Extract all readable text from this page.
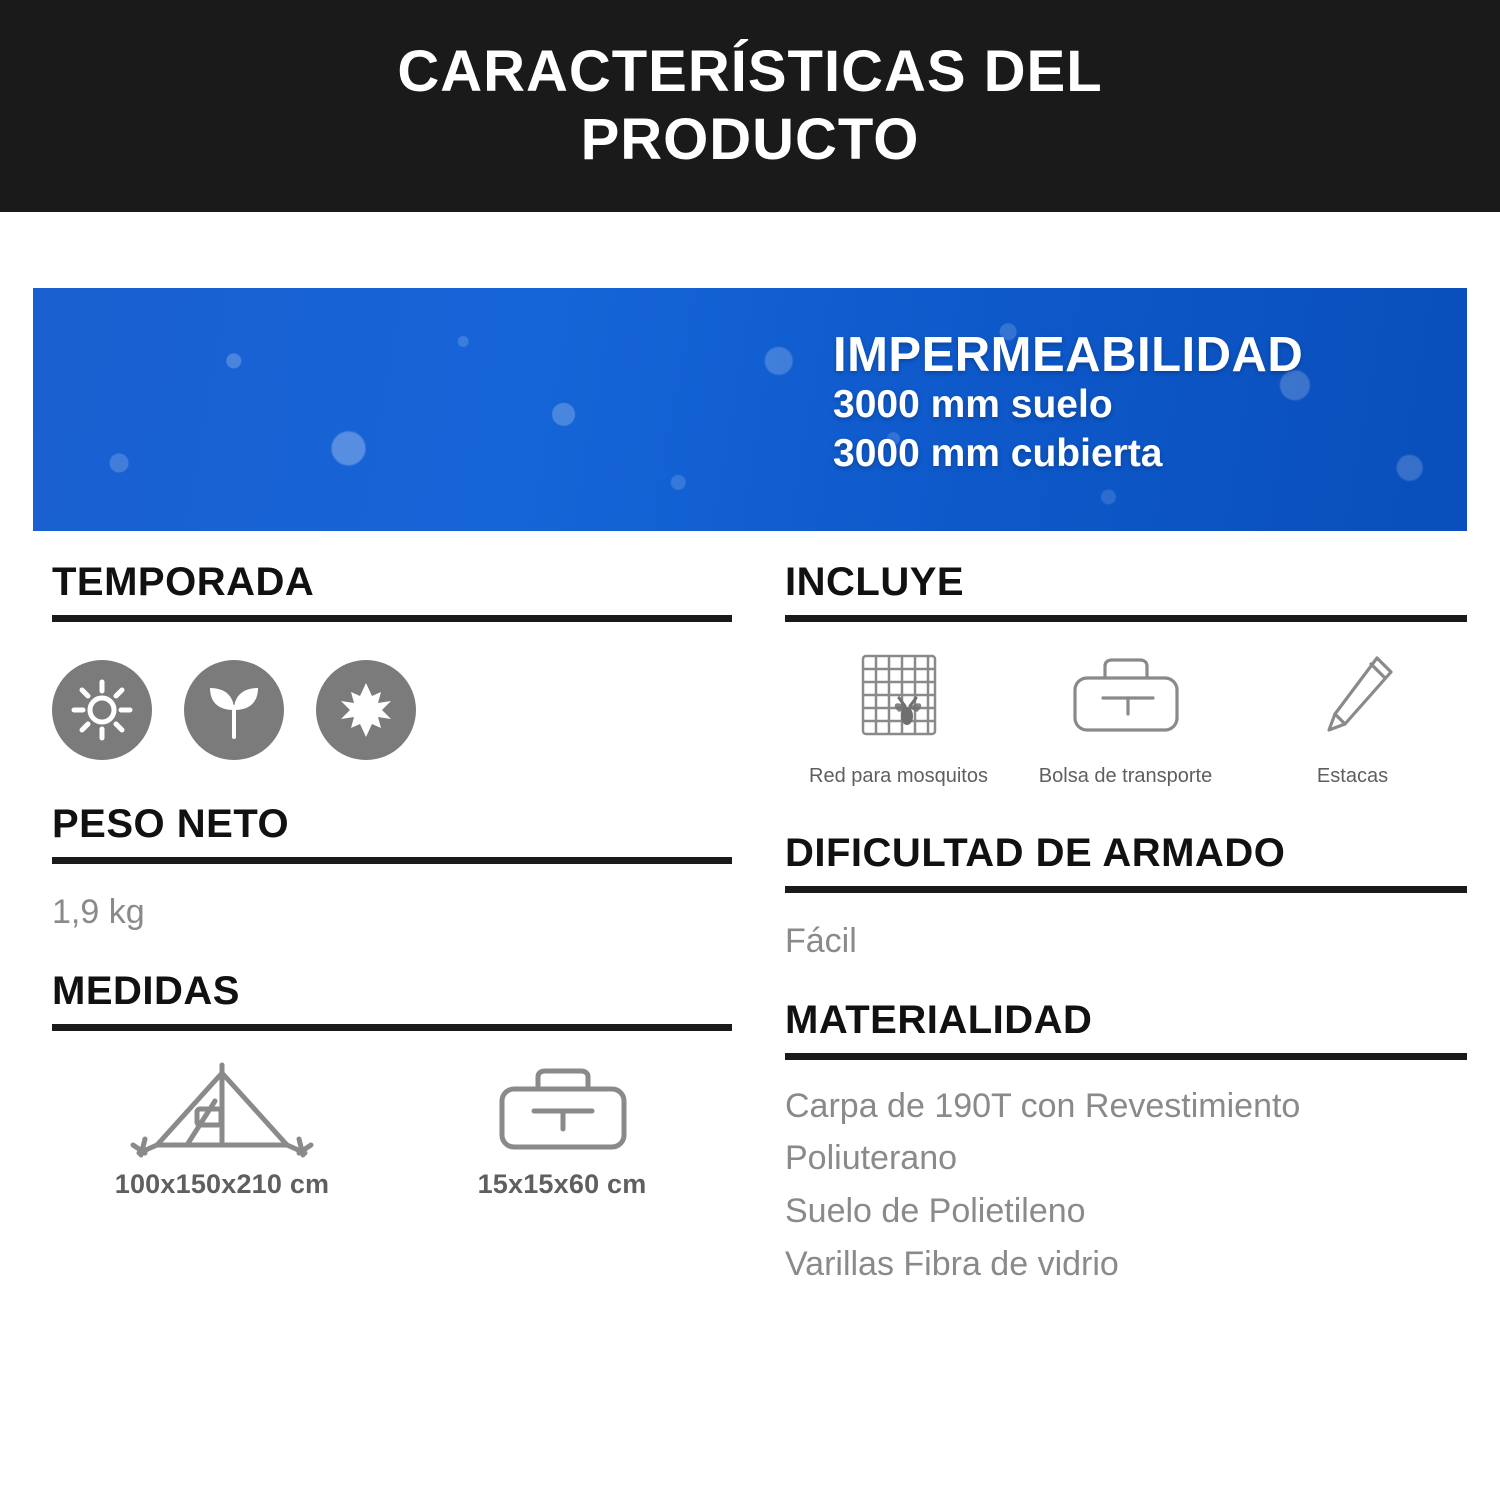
CARACTERÍSTICAS DEL PRODUCTO
IMPERMEABILIDAD
3000 mm suelo
3000 mm cubierta
TEMPORADA
PESO NETO
1,9 kg
MEDIDAS
100x150x210 cm	15x15x60 cm
INCLUYE
Red para mosquitos	Bolsa de transporte	Estacas
DIFICULTAD DE ARMADO
Fácil
MATERIALIDAD
Carpa de 190T con Revestimiento Poliuterano
Suelo de Polietileno
Varillas Fibra de vidrio
